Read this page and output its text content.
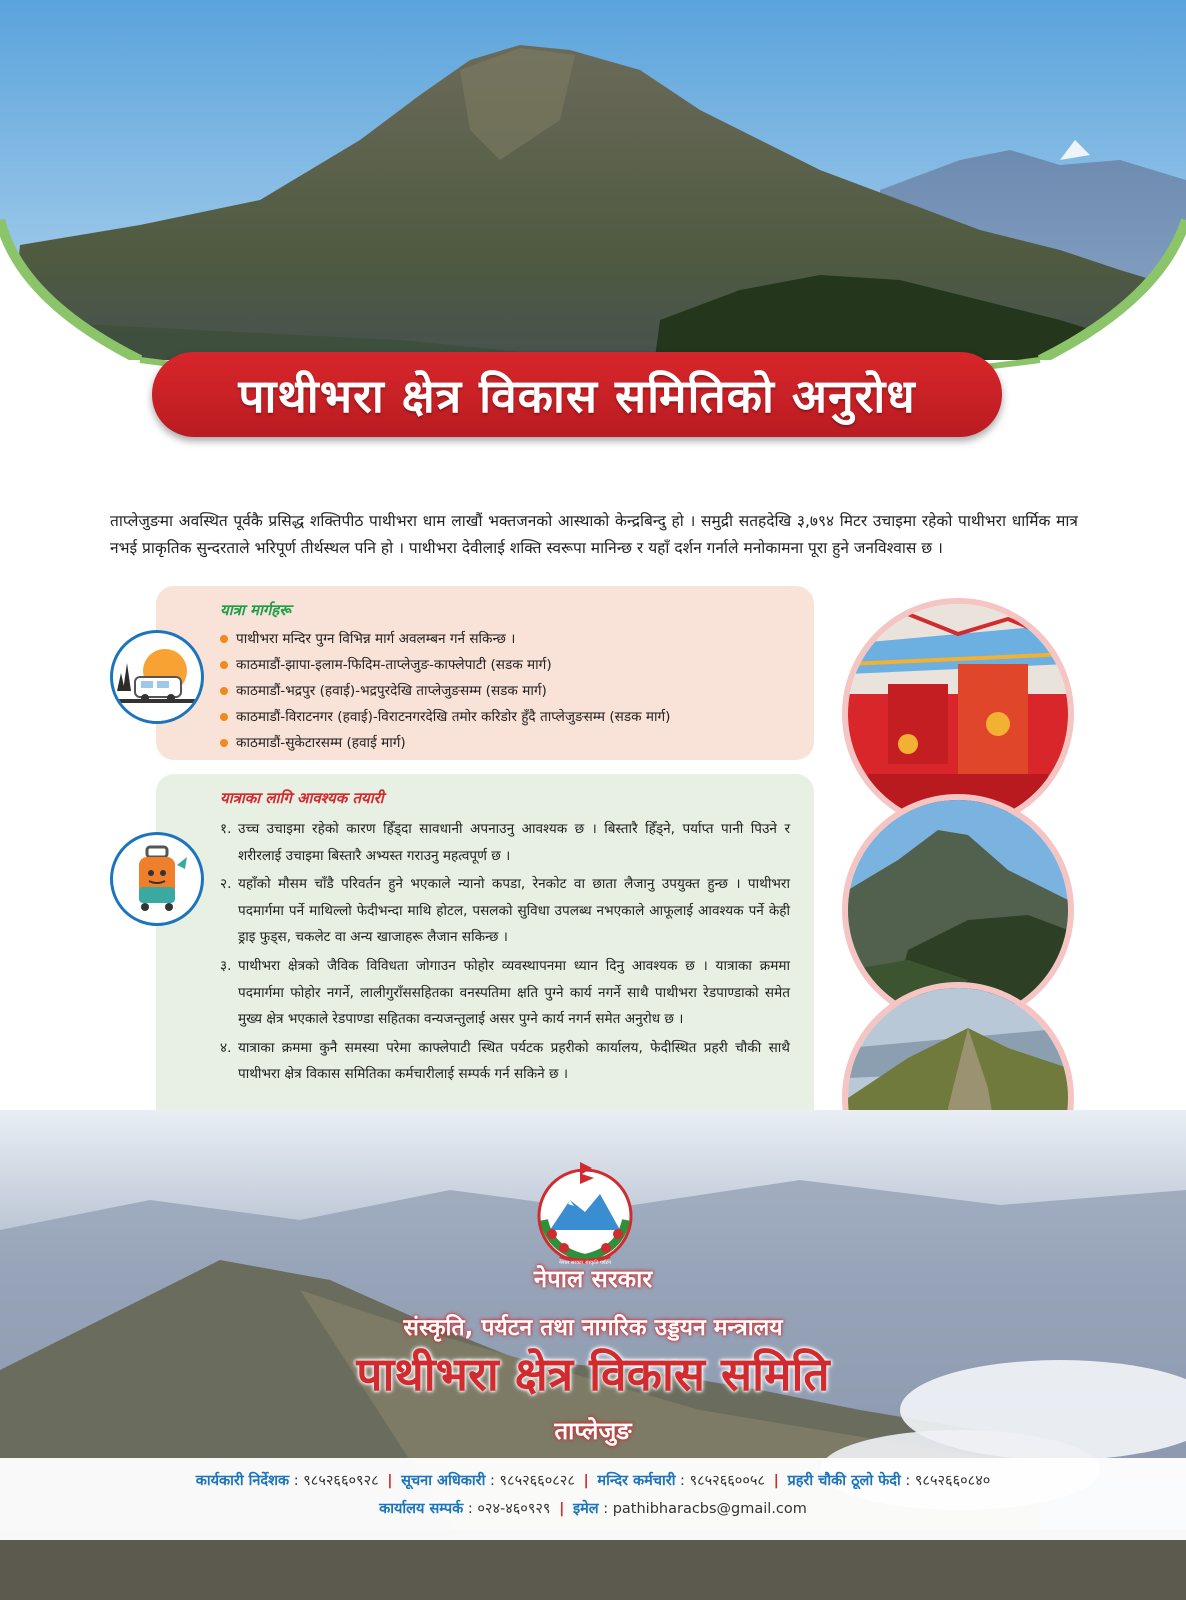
पाथीभरा क्षेत्र विकास समितिको अनुरोध

ताप्लेजुङमा अवस्थित पूर्वकै प्रसिद्ध शक्तिपीठ पाथीभरा धाम लाखौं भक्तजनको आस्थाको केन्द्रबिन्दु हो । समुद्री सतहदेखि ३,७९४ मिटर उचाइमा रहेको पाथीभरा धार्मिक मात्र नभई प्राकृतिक सुन्दरताले भरिपूर्ण तीर्थस्थल पनि हो । पाथीभरा देवीलाई शक्ति स्वरूपा मानिन्छ र यहाँ दर्शन गर्नाले मनोकामना पूरा हुने जनविश्वास छ ।

यात्रा मार्गहरू
पाथीभरा मन्दिर पुग्न विभिन्न मार्ग अवलम्बन गर्न सकिन्छ ।
काठमाडौं-झापा-इलाम-फिदिम-ताप्लेजुङ-काफ्लेपाटी (सडक मार्ग)
काठमाडौं-भद्रपुर (हवाई)-भद्रपुरदेखि ताप्लेजुङसम्म (सडक मार्ग)
काठमाडौं-विराटनगर (हवाई)-विराटनगरदेखि तमोर करिडोर हुँदै ताप्लेजुङसम्म (सडक मार्ग)
काठमाडौं-सुकेटारसम्म (हवाई मार्ग)
यात्राका लागि आवश्यक तयारी
१. उच्च उचाइमा रहेको कारण हिँड्दा सावधानी अपनाउनु आवश्यक छ । बिस्तारै हिँड्ने, पर्याप्त पानी पिउने र शरीरलाई उचाइमा बिस्तारै अभ्यस्त गराउनु महत्वपूर्ण छ ।
२. यहाँको मौसम चाँडै परिवर्तन हुने भएकाले न्यानो कपडा, रेनकोट वा छाता लैजानु उपयुक्त हुन्छ । पाथीभरा पदमार्गमा पर्ने माथिल्लो फेदीभन्दा माथि होटल, पसलको सुविधा उपलब्ध नभएकाले आफूलाई आवश्यक पर्ने केही ड्राइ फुड्स, चकलेट वा अन्य खाजाहरू लैजान सकिन्छ ।
३. पाथीभरा क्षेत्रको जैविक विविधता जोगाउन फोहोर व्यवस्थापनमा ध्यान दिनु आवश्यक छ । यात्राका क्रममा पदमार्गमा फोहोर नगर्ने, लालीगुराँससहितका वनस्पतिमा क्षति पुग्ने कार्य नगर्ने साथै पाथीभरा रेडपाण्डाको समेत मुख्य क्षेत्र भएकाले रेडपाण्डा सहितका वन्यजन्तुलाई असर पुग्ने कार्य नगर्न समेत अनुरोध छ ।
४. यात्राका क्रममा कुनै समस्या परेमा काफ्लेपाटी स्थित पर्यटक प्रहरीको कार्यालय, फेदीस्थित प्रहरी चौकी साथै पाथीभरा क्षेत्र विकास समितिका कर्मचारीलाई सम्पर्क गर्न सकिने छ ।
नेपाल सरकार संस्कृति पर्यटन
नेपाल सरकार
संस्कृति, पर्यटन तथा नागरिक उड्डयन मन्त्रालय
पाथीभरा क्षेत्र विकास समिति
ताप्लेजुङ
कार्यकारी निर्देशक : ९८५२६६०९२८ | सूचना अधिकारी : ९८५२६६०८२८ | मन्दिर कर्मचारी : ९८५२६६००५८ | प्रहरी चौकी ठूलो फेदी : ९८५२६६०८४०
कार्यालय सम्पर्क : ०२४-४६०९२९ | इमेल : pathibharacbs@gmail.com
